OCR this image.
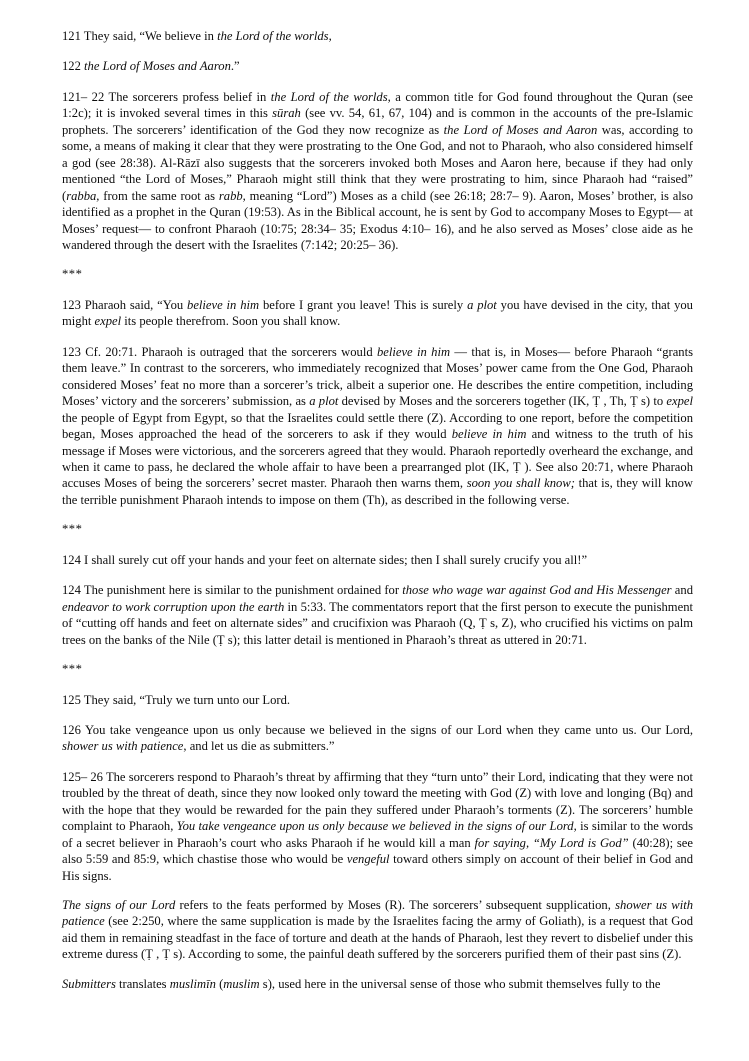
121 They said, “We believe in the Lord of the worlds,

122 the Lord of Moses and Aaron.”

121– 22 The sorcerers profess belief in the Lord of the worlds, a common title for God found throughout the Quran (see 1:2c); it is invoked several times in this sūrah (see vv. 54, 61, 67, 104) and is common in the accounts of the pre-Islamic prophets. The sorcerers’ identification of the God they now recognize as the Lord of Moses and Aaron was, according to some, a means of making it clear that they were prostrating to the One God, and not to Pharaoh, who also considered himself a god (see 28:38). Al-Rāzī also suggests that the sorcerers invoked both Moses and Aaron here, because if they had only mentioned “the Lord of Moses,” Pharaoh might still think that they were prostrating to him, since Pharaoh had “raised” (rabba, from the same root as rabb, meaning “Lord”) Moses as a child (see 26:18; 28:7– 9). Aaron, Moses’ brother, is also identified as a prophet in the Quran (19:53). As in the Biblical account, he is sent by God to accompany Moses to Egypt— at Moses’ request— to confront Pharaoh (10:75; 28:34– 35; Exodus 4:10– 16), and he also served as Moses’ close aide as he wandered through the desert with the Israelites (7:142; 20:25– 36).

***

123 Pharaoh said, “You believe in him before I grant you leave! This is surely a plot you have devised in the city, that you might expel its people therefrom. Soon you shall know.

123 Cf. 20:71. Pharaoh is outraged that the sorcerers would believe in him — that is, in Moses— before Pharaoh “grants them leave.” In contrast to the sorcerers, who immediately recognized that Moses’ power came from the One God, Pharaoh considered Moses’ feat no more than a sorcerer’s trick, albeit a superior one. He describes the entire competition, including Moses’ victory and the sorcerers’ submission, as a plot devised by Moses and the sorcerers together (IK, Ṭ , Th, Ṭ s) to expel the people of Egypt from Egypt, so that the Israelites could settle there (Z). According to one report, before the competition began, Moses approached the head of the sorcerers to ask if they would believe in him and witness to the truth of his message if Moses were victorious, and the sorcerers agreed that they would. Pharaoh reportedly overheard the exchange, and when it came to pass, he declared the whole affair to have been a prearranged plot (IK, Ṭ ). See also 20:71, where Pharaoh accuses Moses of being the sorcerers’ secret master. Pharaoh then warns them, soon you shall know; that is, they will know the terrible punishment Pharaoh intends to impose on them (Th), as described in the following verse.

***

124 I shall surely cut off your hands and your feet on alternate sides; then I shall surely crucify you all!”

124 The punishment here is similar to the punishment ordained for those who wage war against God and His Messenger and endeavor to work corruption upon the earth in 5:33. The commentators report that the first person to execute the punishment of “cutting off hands and feet on alternate sides” and crucifixion was Pharaoh (Q, Ṭ s, Z), who crucified his victims on palm trees on the banks of the Nile (Ṭ s); this latter detail is mentioned in Pharaoh’s threat as uttered in 20:71.

***

125 They said, “Truly we turn unto our Lord.

126 You take vengeance upon us only because we believed in the signs of our Lord when they came unto us. Our Lord, shower us with patience, and let us die as submitters.”

125– 26 The sorcerers respond to Pharaoh’s threat by affirming that they “turn unto” their Lord, indicating that they were not troubled by the threat of death, since they now looked only toward the meeting with God (Z) with love and longing (Bq) and with the hope that they would be rewarded for the pain they suffered under Pharaoh’s torments (Z). The sorcerers’ humble complaint to Pharaoh, You take vengeance upon us only because we believed in the signs of our Lord, is similar to the words of a secret believer in Pharaoh’s court who asks Pharaoh if he would kill a man for saying, “My Lord is God” (40:28); see also 5:59 and 85:9, which chastise those who would be vengeful toward others simply on account of their belief in God and His signs.

The signs of our Lord refers to the feats performed by Moses (R). The sorcerers’ subsequent supplication, shower us with patience (see 2:250, where the same supplication is made by the Israelites facing the army of Goliath), is a request that God aid them in remaining steadfast in the face of torture and death at the hands of Pharaoh, lest they revert to disbelief under this extreme duress (Ṭ , Ṭ s). According to some, the painful death suffered by the sorcerers purified them of their past sins (Z).

Submitters translates muslimīn (muslim s), used here in the universal sense of those who submit themselves fully to the
